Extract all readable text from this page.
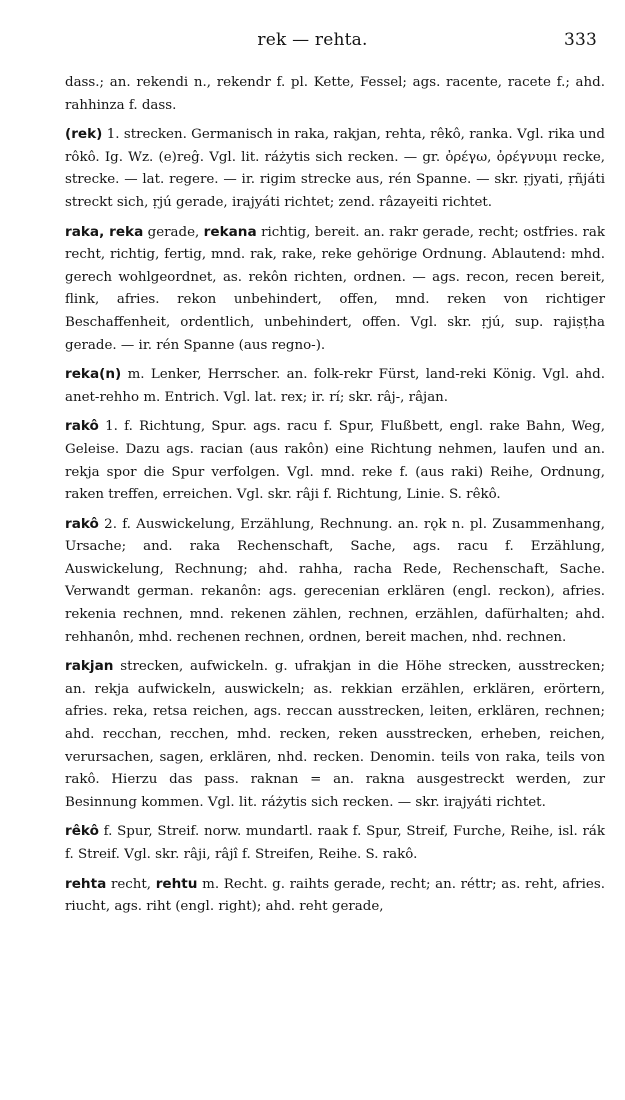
rek — rehta.	333

dass.; an. rekendi n., rekendr f. pl. Kette, Fessel; ags. racente, racete f.; ahd. rahhinza f. dass.

(rek) 1. strecken. Germanisch in raka, rakjan, rehta, rêkô, ranka. Vgl. rika und rôkô. Ig. Wz. (e)reĝ. Vgl. lit. ráżytis sich recken. — gr. ὀρέγω, ὀρέγνυμι recke, strecke. — lat. regere. — ir. rigim strecke aus, rén Spanne. — skr. ṛjyati, ṛñjáti streckt sich, ṛjú gerade, irajyáti richtet; zend. râzayeiti richtet.

raka, reka gerade, rekana richtig, bereit. an. rakr gerade, recht; ostfries. rak recht, richtig, fertig, mnd. rak, rake, reke gehörige Ordnung. Ablautend: mhd. gerech wohlgeordnet, as. rekôn richten, ordnen. — ags. recon, recen bereit, flink, afries. rekon unbehindert, offen, mnd. reken von richtiger Beschaffenheit, ordentlich, unbehindert, offen. Vgl. skr. ṛjú, sup. rajiṣṭha gerade. — ir. rén Spanne (aus regno-).

reka(n) m. Lenker, Herrscher. an. folk-rekr Fürst, land-reki König. Vgl. ahd. anet-rehho m. Entrich. Vgl. lat. rex; ir. rí; skr. râj-, râjan.

rakô 1. f. Richtung, Spur. ags. racu f. Spur, Flußbett, engl. rake Bahn, Weg, Geleise. Dazu ags. racian (aus rakôn) eine Richtung nehmen, laufen und an. rekja spor die Spur verfolgen. Vgl. mnd. reke f. (aus raki) Reihe, Ordnung, raken treffen, erreichen. Vgl. skr. râji f. Richtung, Linie. S. rêkô.

rakô 2. f. Auswickelung, Erzählung, Rechnung. an. rǫk n. pl. Zusammenhang, Ursache; and. raka Rechenschaft, Sache, ags. racu f. Erzählung, Auswickelung, Rechnung; ahd. rahha, racha Rede, Rechenschaft, Sache. Verwandt german. rekanôn: ags. gerecenian erklären (engl. reckon), afries. rekenia rechnen, mnd. rekenen zählen, rechnen, erzählen, dafürhalten; ahd. rehhanôn, mhd. rechenen rechnen, ordnen, bereit machen, nhd. rechnen.

rakjan strecken, aufwickeln. g. ufrakjan in die Höhe strecken, ausstrecken; an. rekja aufwickeln, auswickeln; as. rekkian erzählen, erklären, erörtern, afries. reka, retsa reichen, ags. reccan ausstrecken, leiten, erklären, rechnen; ahd. recchan, recchen, mhd. recken, reken ausstrecken, erheben, reichen, verursachen, sagen, erklären, nhd. recken. Denomin. teils von raka, teils von rakô. Hierzu das pass. raknan = an. rakna ausgestreckt werden, zur Besinnung kommen. Vgl. lit. ráżytis sich recken. — skr. irajyáti richtet.

rêkô f. Spur, Streif. norw. mundartl. raak f. Spur, Streif, Furche, Reihe, isl. rák f. Streif. Vgl. skr. râji, râjî f. Streifen, Reihe. S. rakô.

rehta recht, rehtu m. Recht. g. raihts gerade, recht; an. réttr; as. reht, afries. riucht, ags. riht (engl. right); ahd. reht gerade,
